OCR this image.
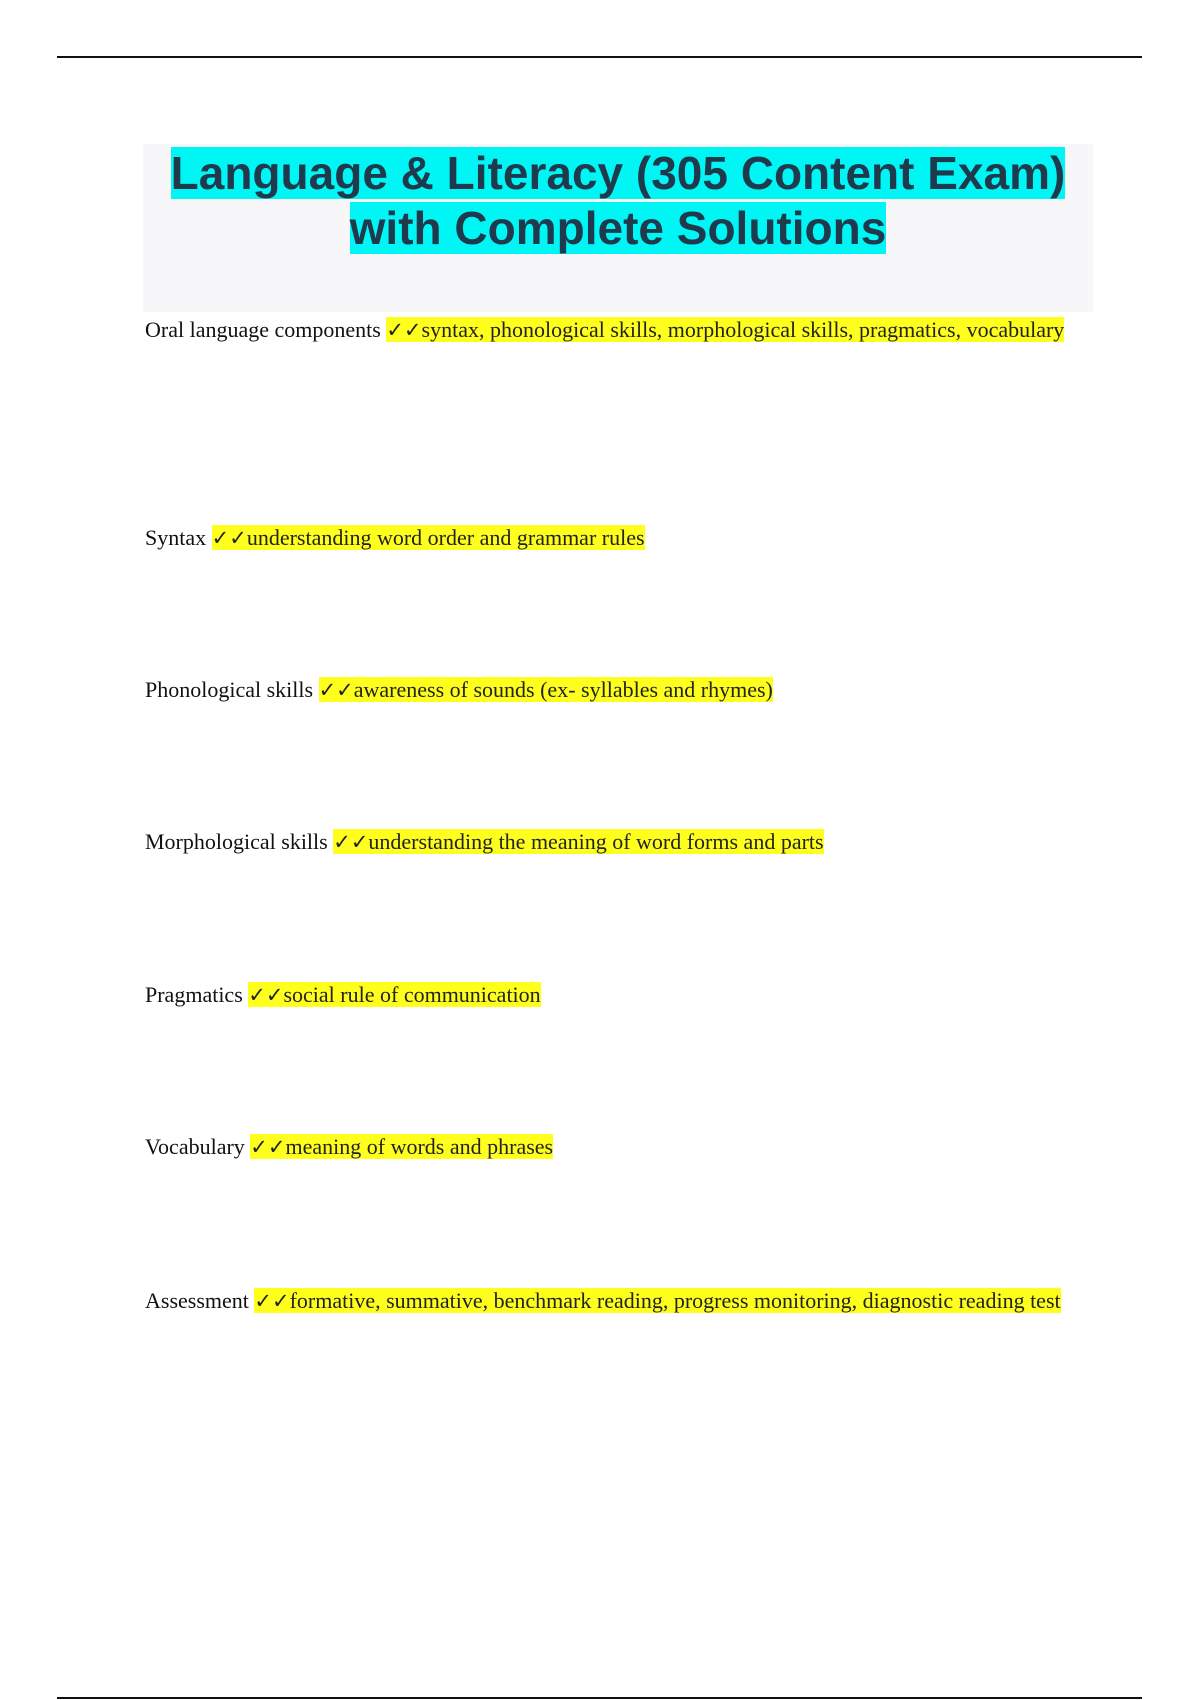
Language & Literacy (305 Content Exam) with Complete Solutions
Oral language components ✓✓syntax, phonological skills, morphological skills, pragmatics, vocabulary
Syntax ✓✓understanding word order and grammar rules
Phonological skills ✓✓awareness of sounds (ex- syllables and rhymes)
Morphological skills ✓✓understanding the meaning of word forms and parts
Pragmatics ✓✓social rule of communication
Vocabulary ✓✓meaning of words and phrases
Assessment ✓✓formative, summative, benchmark reading, progress monitoring, diagnostic reading test
